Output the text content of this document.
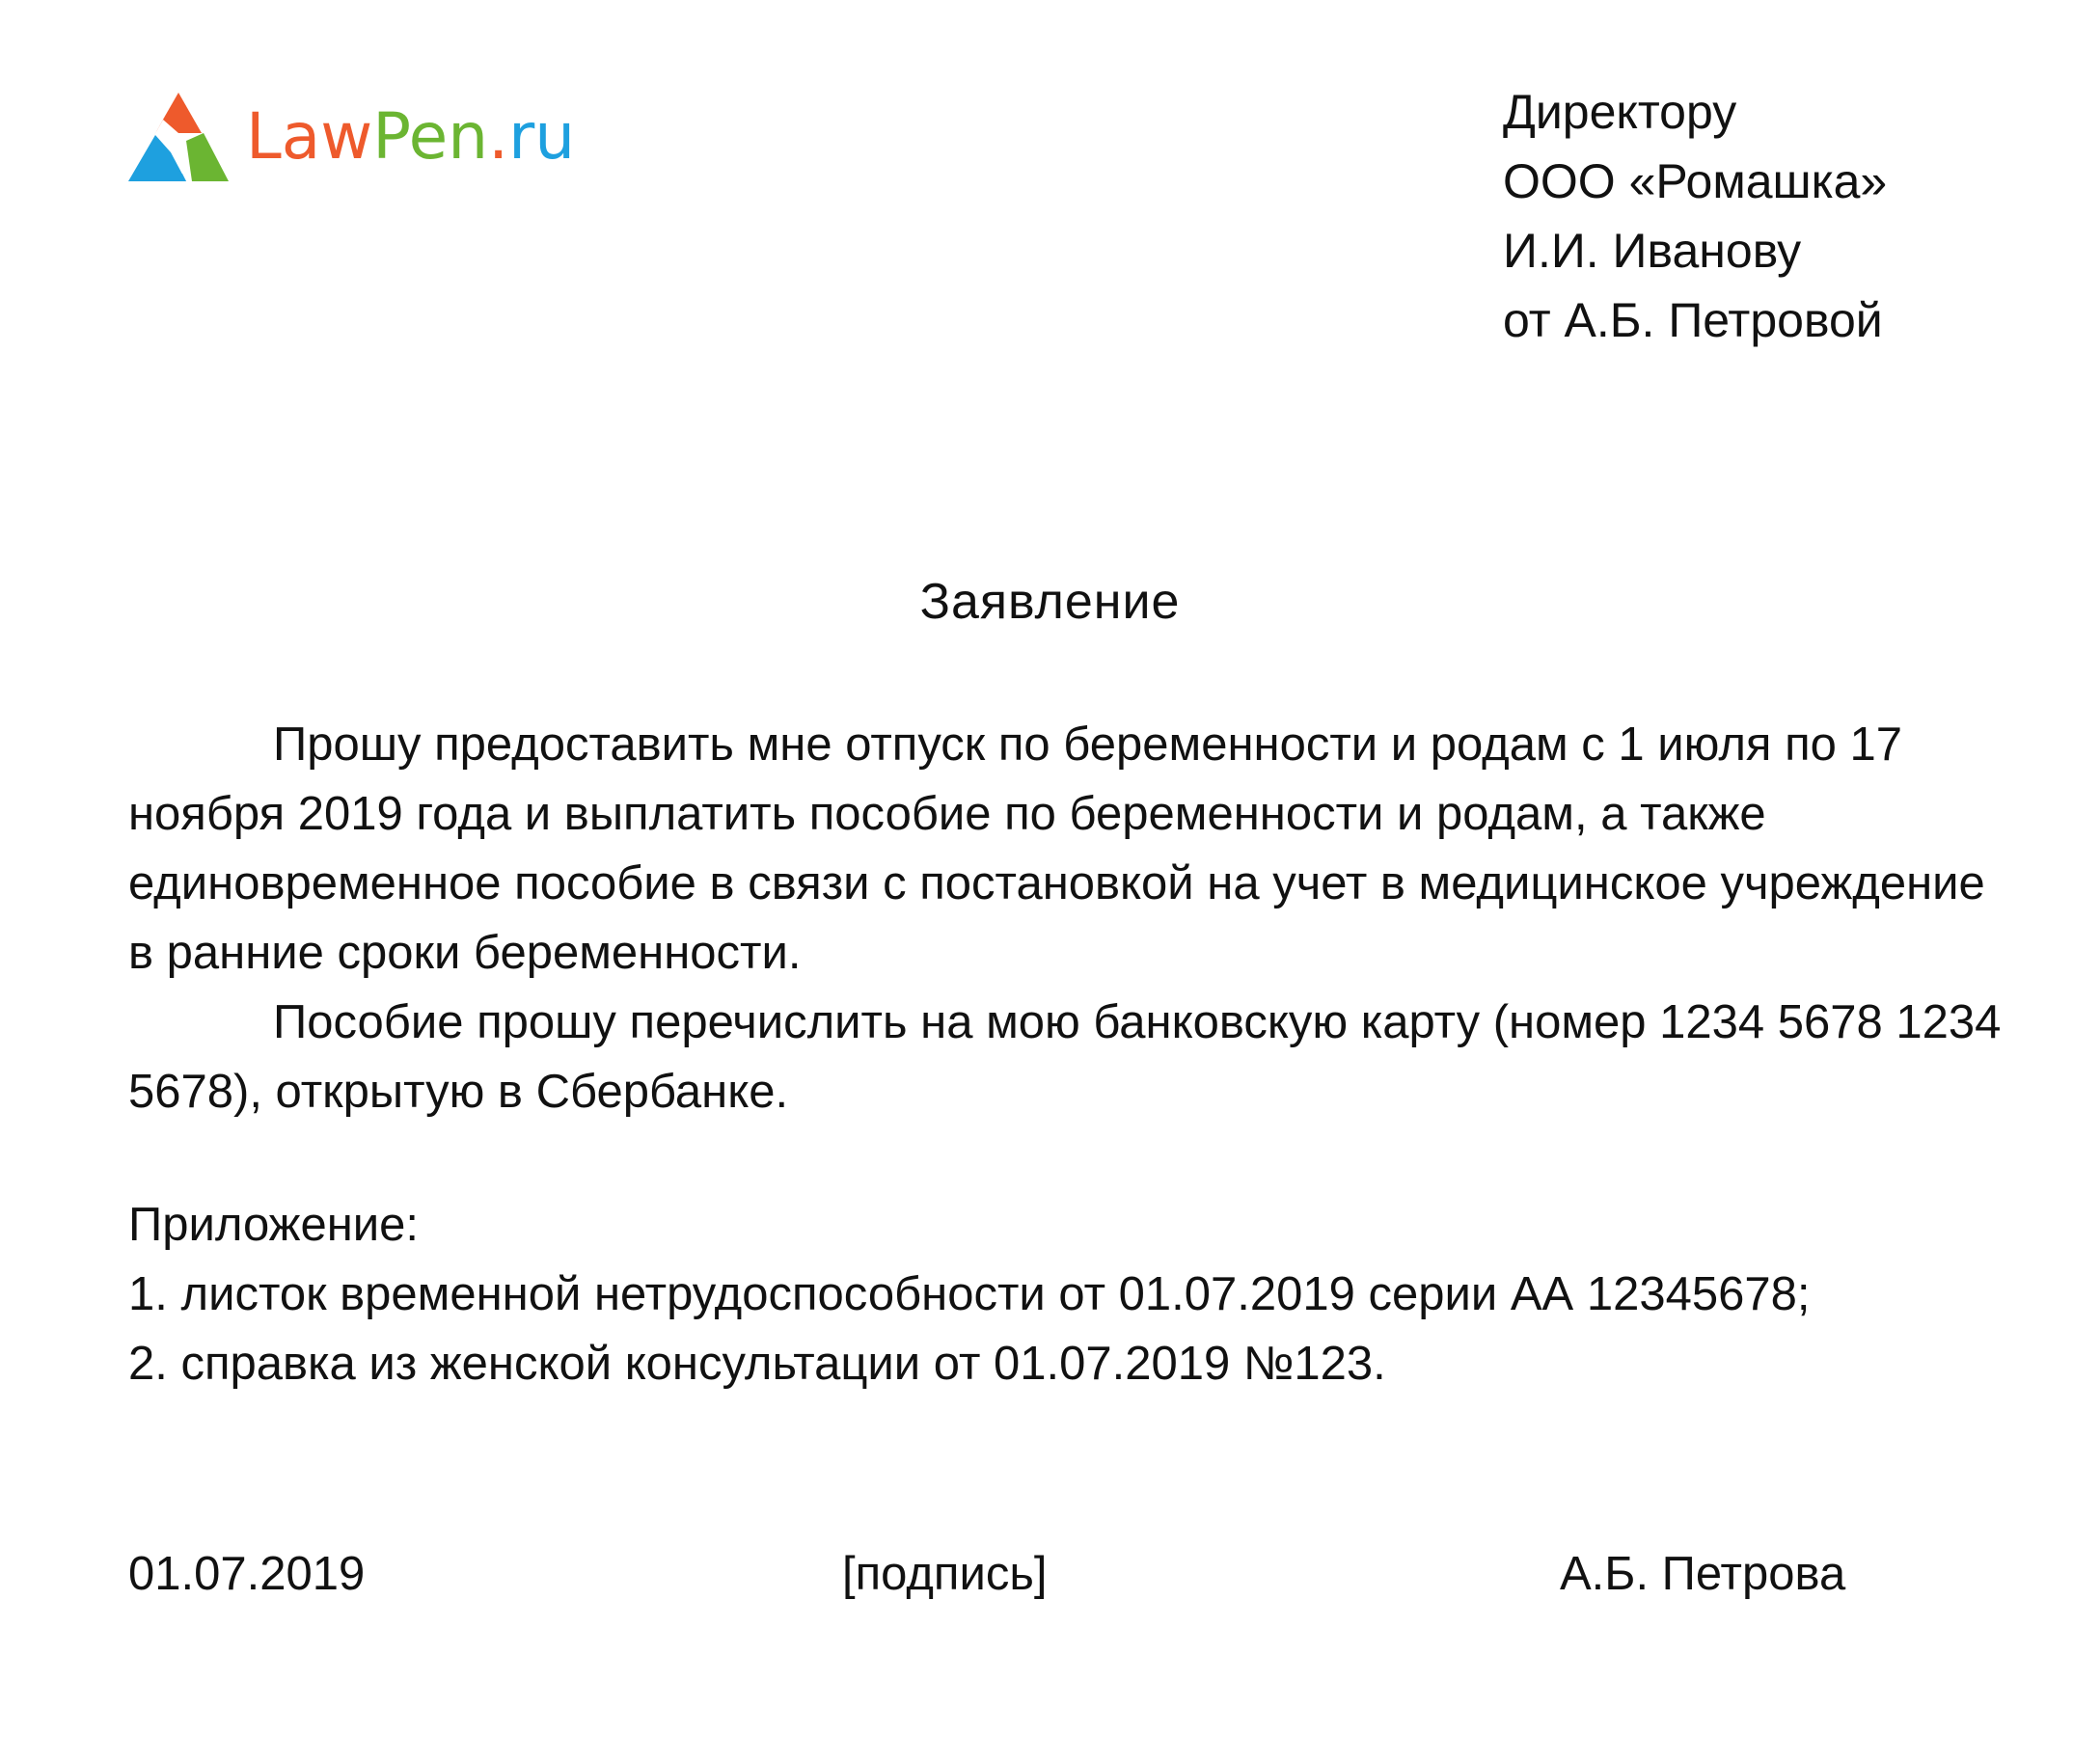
LawPen.ru	Директору
ООО «Ромашка»
И.И. Иванову
от А.Б. Петровой
Заявление

Прошу предоставить мне отпуск по беременности и родам с 1 июля по 17 ноября 2019 года и выплатить пособие по беременности и родам, а также единовременное пособие в связи с постановкой на учет в медицинское учреждение в ранние сроки беременности.

Пособие прошу перечислить на мою банковскую карту (номер 1234 5678 1234 5678), открытую в Сбербанке.

Приложение:
1. листок временной нетрудоспособности от 01.07.2019 серии АА 12345678;
2. справка из женской консультации от 01.07.2019 №123.
01.07.2019	[подпись]	А.Б. Петрова
